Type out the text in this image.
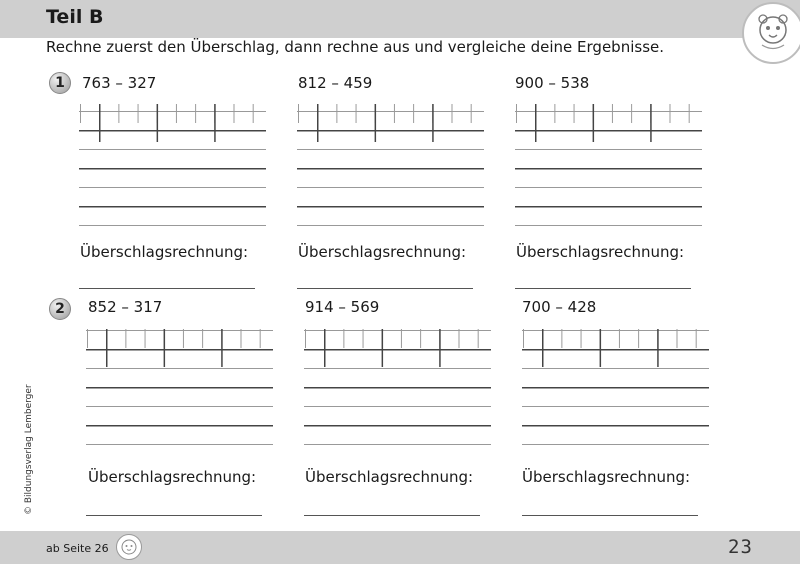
Teil B
Rechne zuerst den Überschlag, dann rechne aus und vergleiche deine Ergebnisse.
1	763 – 327	812 – 459	900 – 538
Überschlagsrechnung:	Überschlagsrechnung:	Überschlagsrechnung:
2	852 – 317	914 – 569	700 – 428
Überschlagsrechnung:	Überschlagsrechnung:	Überschlagsrechnung:
© Bildungsverlag Lemberger
ab Seite 26	23
